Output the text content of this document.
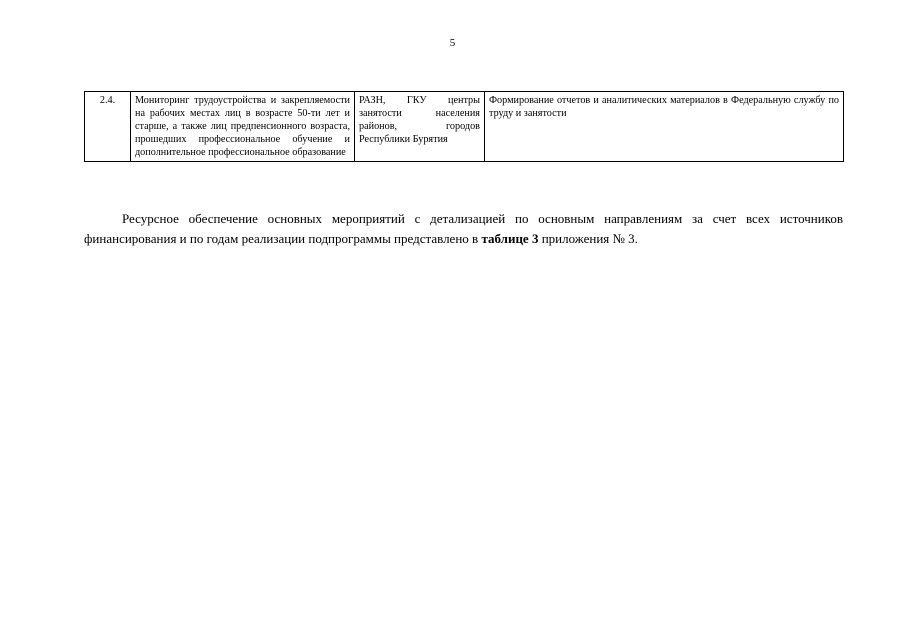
5
2.4.	Мониторинг трудоустройства и закрепляемости на рабочих местах лиц в возрасте 50-ти лет и старше, а также лиц предпенсионного возраста, прошедших профессиональное обучение и дополнительное профессиональное образование	РАЗН, ГКУ центры занятости населения районов, городов Республики Бурятия	Формирование отчетов и аналитических материалов в Федеральную службу по труду и занятости

Ресурсное обеспечение основных мероприятий с детализацией по основным направлениям за счет всех источников финансирования и по годам реализации подпрограммы представлено в таблице 3 приложения № 3.
